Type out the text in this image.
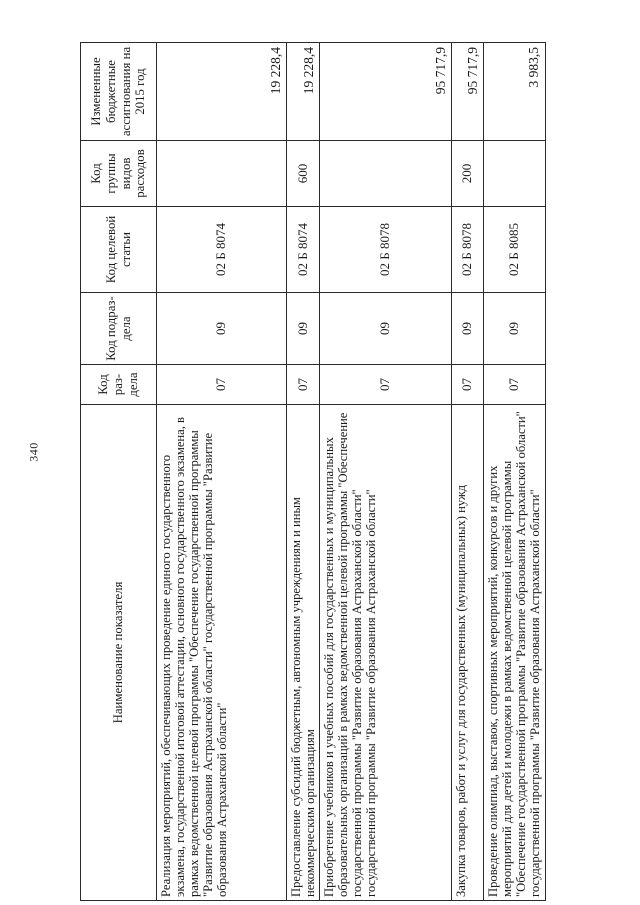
340
Наименование показателя	Код раз-дела	Код подраз-дела	Код целевой статьи	Код группы видов расходов	Измененные бюджетные ассигнования на 2015 год
Реализация мероприятий, обеспечивающих проведение единого государственного экзамена, государственной итоговой аттестации, основного государственного экзамена, в рамках ведомственной целевой программы "Обеспечение государственной программы "Развитие образования Астраханской области" государственной программы "Развитие образования Астраханской области"	07	09	02 Б 8074		19 228,4
Предоставление субсидий бюджетным, автономным учреждениям и иным некоммерческим организациям	07	09	02 Б 8074	600	19 228,4
Приобретение учебников и учебных пособий для государственных и муниципальных образовательных организаций в рамках ведомственной целевой программы "Обеспечение государственной программы "Развитие образования Астраханской области" государственной программы "Развитие образования Астраханской области"	07	09	02 Б 8078		95 717,9
Закупка товаров, работ и услуг для государственных (муниципальных) нужд	07	09	02 Б 8078	200	95 717,9
Проведение олимпиад, выставок, спортивных мероприятий, конкурсов и других мероприятий для детей и молодежи в рамках ведомственной целевой программы "Обеспечение государственной программы "Развитие образования Астраханской области" государственной программы "Развитие образования Астраханской области"	07	09	02 Б 8085		3 983,5
